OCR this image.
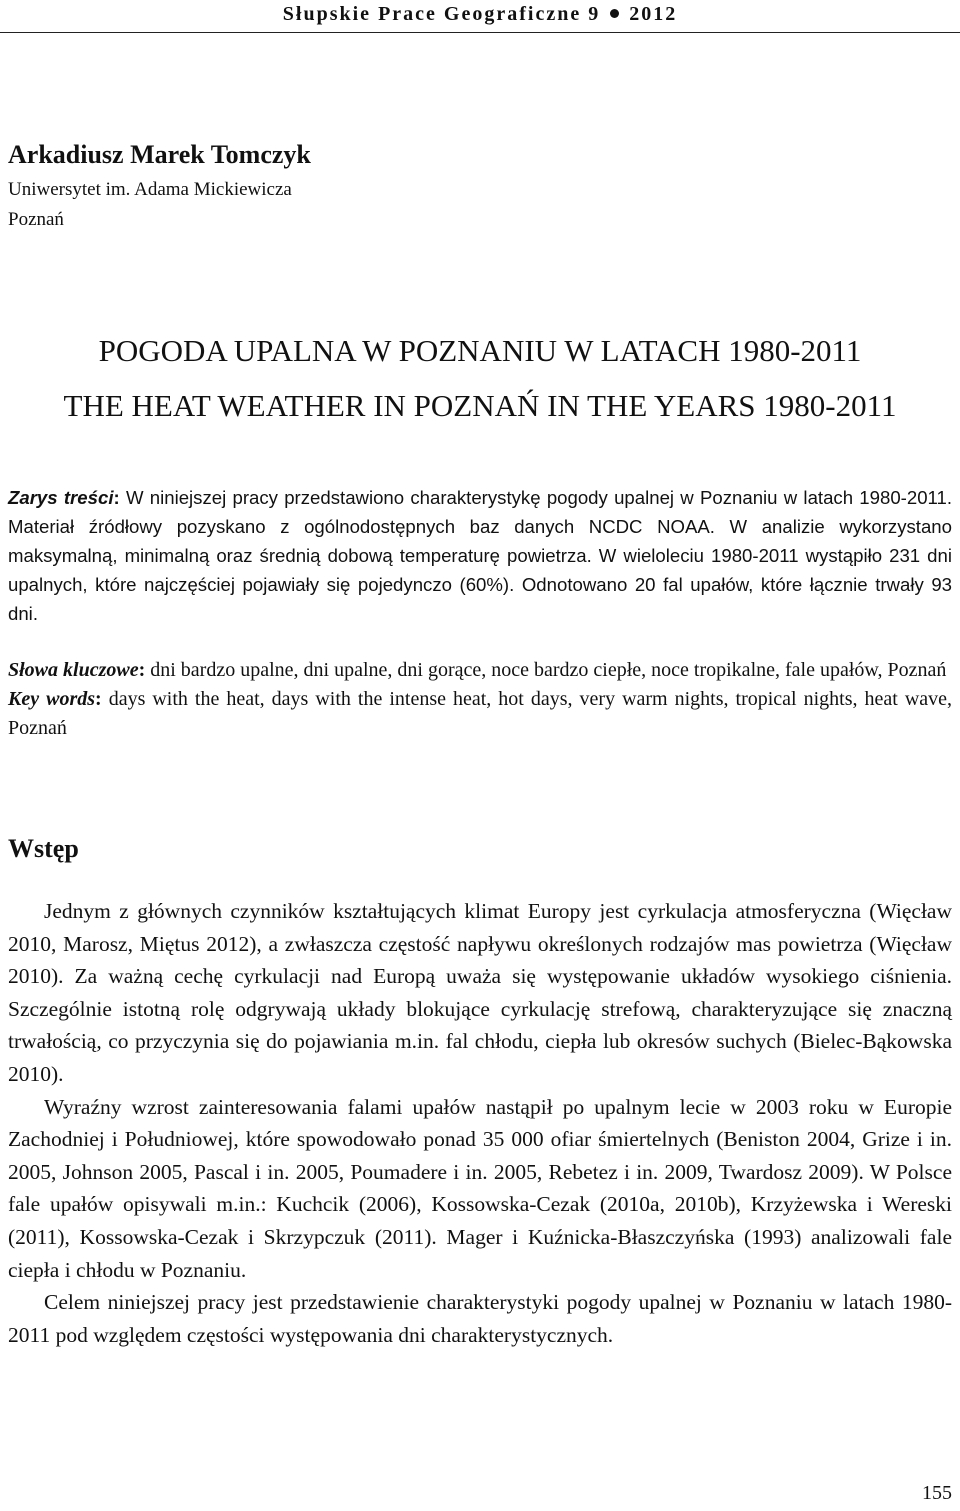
Słupskie Prace Geograficzne 9 2012
Arkadiusz Marek Tomczyk
Uniwersytet im. Adama Mickiewicza
Poznań
POGODA UPALNA W POZNANIU W LATACH 1980-2011
THE HEAT WEATHER IN POZNAŃ IN THE YEARS 1980-2011
Zarys treści: W niniejszej pracy przedstawiono charakterystykę pogody upalnej w Poznaniu w latach 1980-2011. Materiał źródłowy pozyskano z ogólnodostępnych baz danych NCDC NOAA. W analizie wykorzystano maksymalną, minimalną oraz średnią dobową temperaturę powietrza. W wieloleciu 1980-2011 wystąpiło 231 dni upalnych, które najczęściej pojawiały się pojedynczo (60%). Odnotowano 20 fal upałów, które łącznie trwały 93 dni.
Słowa kluczowe: dni bardzo upalne, dni upalne, dni gorące, noce bardzo ciepłe, noce tropikalne, fale upałów, Poznań
Key words: days with the heat, days with the intense heat, hot days, very warm nights, tropical nights, heat wave, Poznań
Wstęp

Jednym z głównych czynników kształtujących klimat Europy jest cyrkulacja atmosferyczna (Więcław 2010, Marosz, Miętus 2012), a zwłaszcza częstość napływu określonych rodzajów mas powietrza (Więcław 2010). Za ważną cechę cyrkulacji nad Europą uważa się występowanie układów wysokiego ciśnienia. Szczególnie istotną rolę odgrywają układy blokujące cyrkulację strefową, charakteryzujące się znaczną trwałością, co przyczynia się do pojawiania m.in. fal chłodu, ciepła lub okresów suchych (Bielec-Bąkowska 2010).

Wyraźny wzrost zainteresowania falami upałów nastąpił po upalnym lecie w 2003 roku w Europie Zachodniej i Południowej, które spowodowało ponad 35 000 ofiar śmiertelnych (Beniston 2004, Grize i in. 2005, Johnson 2005, Pascal i in. 2005, Poumadere i in. 2005, Rebetez i in. 2009, Twardosz 2009). W Polsce fale upałów opisywali m.in.: Kuchcik (2006), Kossowska-Cezak (2010a, 2010b), Krzyżewska i Wereski (2011), Kossowska-Cezak i Skrzypczuk (2011). Mager i Kuźnicka-Błaszczyńska (1993) analizowali fale ciepła i chłodu w Poznaniu.

Celem niniejszej pracy jest przedstawienie charakterystyki pogody upalnej w Poznaniu w latach 1980-2011 pod względem częstości występowania dni charakterystycznych.

155
